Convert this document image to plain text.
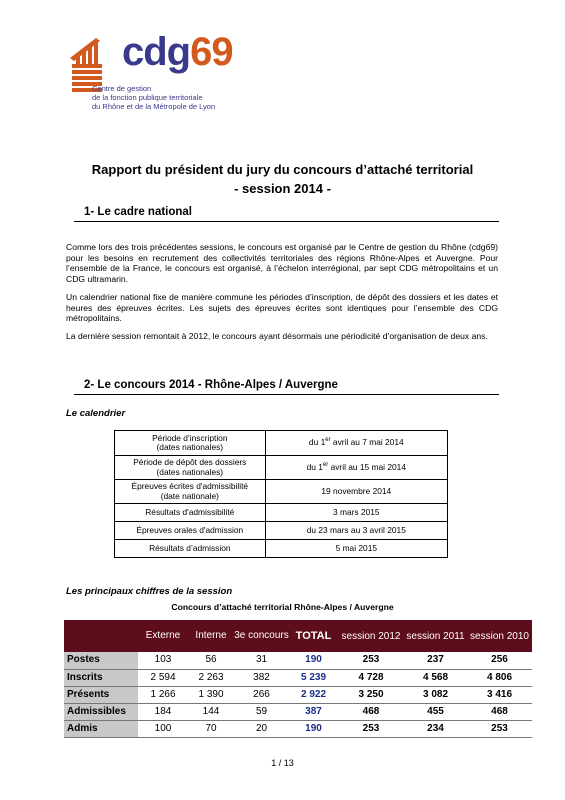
cdg69
Centre de gestion
de la fonction publique territoriale
du Rhône et de la Métropole de Lyon
Rapport du président du jury du concours d’attaché territorial
- session 2014 -
1- Le cadre national
Comme lors des trois précédentes sessions, le concours est organisé par le Centre de gestion du Rhône (cdg69) pour les besoins en recrutement des collectivités territoriales des régions Rhône-Alpes et Auvergne. Pour l’ensemble de la France, le concours est organisé, à l’échelon interrégional, par sept CDG métropolitains et un CDG ultramarin.
Un calendrier national fixe de manière commune les périodes d’inscription, de dépôt des dossiers et les dates et heures des épreuves écrites. Les sujets des épreuves écrites sont identiques pour l’ensemble des CDG métropolitains.
La dernière session remontait à 2012, le concours ayant désormais une périodicité d’organisation de deux ans.
2- Le concours 2014 - Rhône-Alpes / Auvergne
Le calendrier
Période d’inscription
(dates nationales)	du 1er avril au 7 mai 2014

Période de dépôt des dossiers
(dates nationales)	du 1er avril au 15 mai 2014

Épreuves écrites d'admissibilité
(date nationale)	19 novembre 2014
Résultats d'admissibilité	3 mars 2015
Épreuves orales d'admission	du 23 mars au 3 avril 2015
Résultats d’admission	5 mai 2015
Les principaux chiffres de la session
Concours d’attaché territorial Rhône-Alpes / Auvergne
	Externe	Interne	3e concours	TOTAL	session 2012	session 2011	session 2010
Postes	103	56	31	190	253	237	256
Inscrits	2 594	2 263	382	5 239	4 728	4 568	4 806
Présents	1 266	1 390	266	2 922	3 250	3 082	3 416
Admissibles	184	144	59	387	468	455	468
Admis	100	70	20	190	253	234	253
1 / 13
